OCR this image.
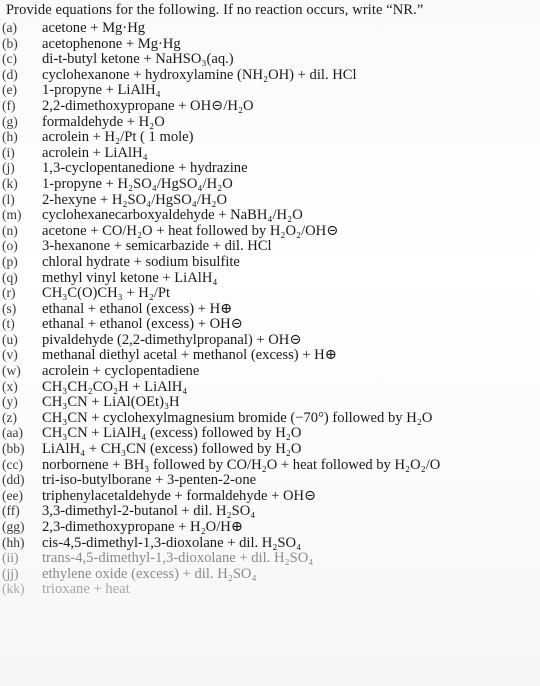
Provide equations for the following. If no reaction occurs, write “NR.”
(a) acetone + Mg·Hg
(b) acetophenone + Mg·Hg
(c) di-t-butyl ketone + NaHSO₃(aq.)
(d) cyclohexanone + hydroxylamine (NH₂OH) + dil. HCl
(e) 1-propyne + LiAlH₄
(f) 2,2-dimethoxypropane + OH⊝/H₂O
(g) formaldehyde + H₂O
(h) acrolein + H₂/Pt ( 1 mole)
(i) acrolein + LiAlH₄
(j) 1,3-cyclopentanedione + hydrazine
(k) 1-propyne + H₂SO₄/HgSO₄/H₂O
(l) 2-hexyne + H₂SO₄/HgSO₄/H₂O
(m) cyclohexanecarboxyaldehyde + NaBH₄/H₂O
(n) acetone + CO/H₂O + heat followed by H₂O₂/OH⊝
(o) 3-hexanone + semicarbazide + dil. HCl
(p) chloral hydrate + sodium bisulfite
(q) methyl vinyl ketone + LiAlH₄
(r) CH₃C(O)CH₃ + H₂/Pt
(s) ethanal + ethanol (excess) + H⊕
(t) ethanal + ethanol (excess) + OH⊝
(u) pivaldehyde (2,2-dimethylpropanal) + OH⊝
(v) methanal diethyl acetal + methanol (excess) + H⊕
(w) acrolein + cyclopentadiene
(x) CH₃CH₂CO₂H + LiAlH₄
(y) CH₃CN + LiAl(OEt)₃H
(z) CH₃CN + cyclohexylmagnesium bromide (−70°) followed by H₂O
(aa) CH₃CN + LiAlH₄ (excess) followed by H₂O
(bb) LiAlH₄ + CH₃CN (excess) followed by H₂O
(cc) norbornene + BH₃ followed by CO/H₂O + heat followed by H₂O₂/O
(dd) tri-iso-butylborane + 3-penten-2-one
(ee) triphenylacetaldehyde + formaldehyde + OH⊝
(ff) 3,3-dimethyl-2-butanol + dil. H₂SO₄
(gg) 2,3-dimethoxypropane + H₂O/H⊕
(hh) cis-4,5-dimethyl-1,3-dioxolane + dil. H₂SO₄
(ii) trans-4,5-dimethyl-1,3-dioxolane + dil. H₂SO₄
(jj) ethylene oxide (excess) + dil. H₂SO₄
(kk) trioxane + heat
